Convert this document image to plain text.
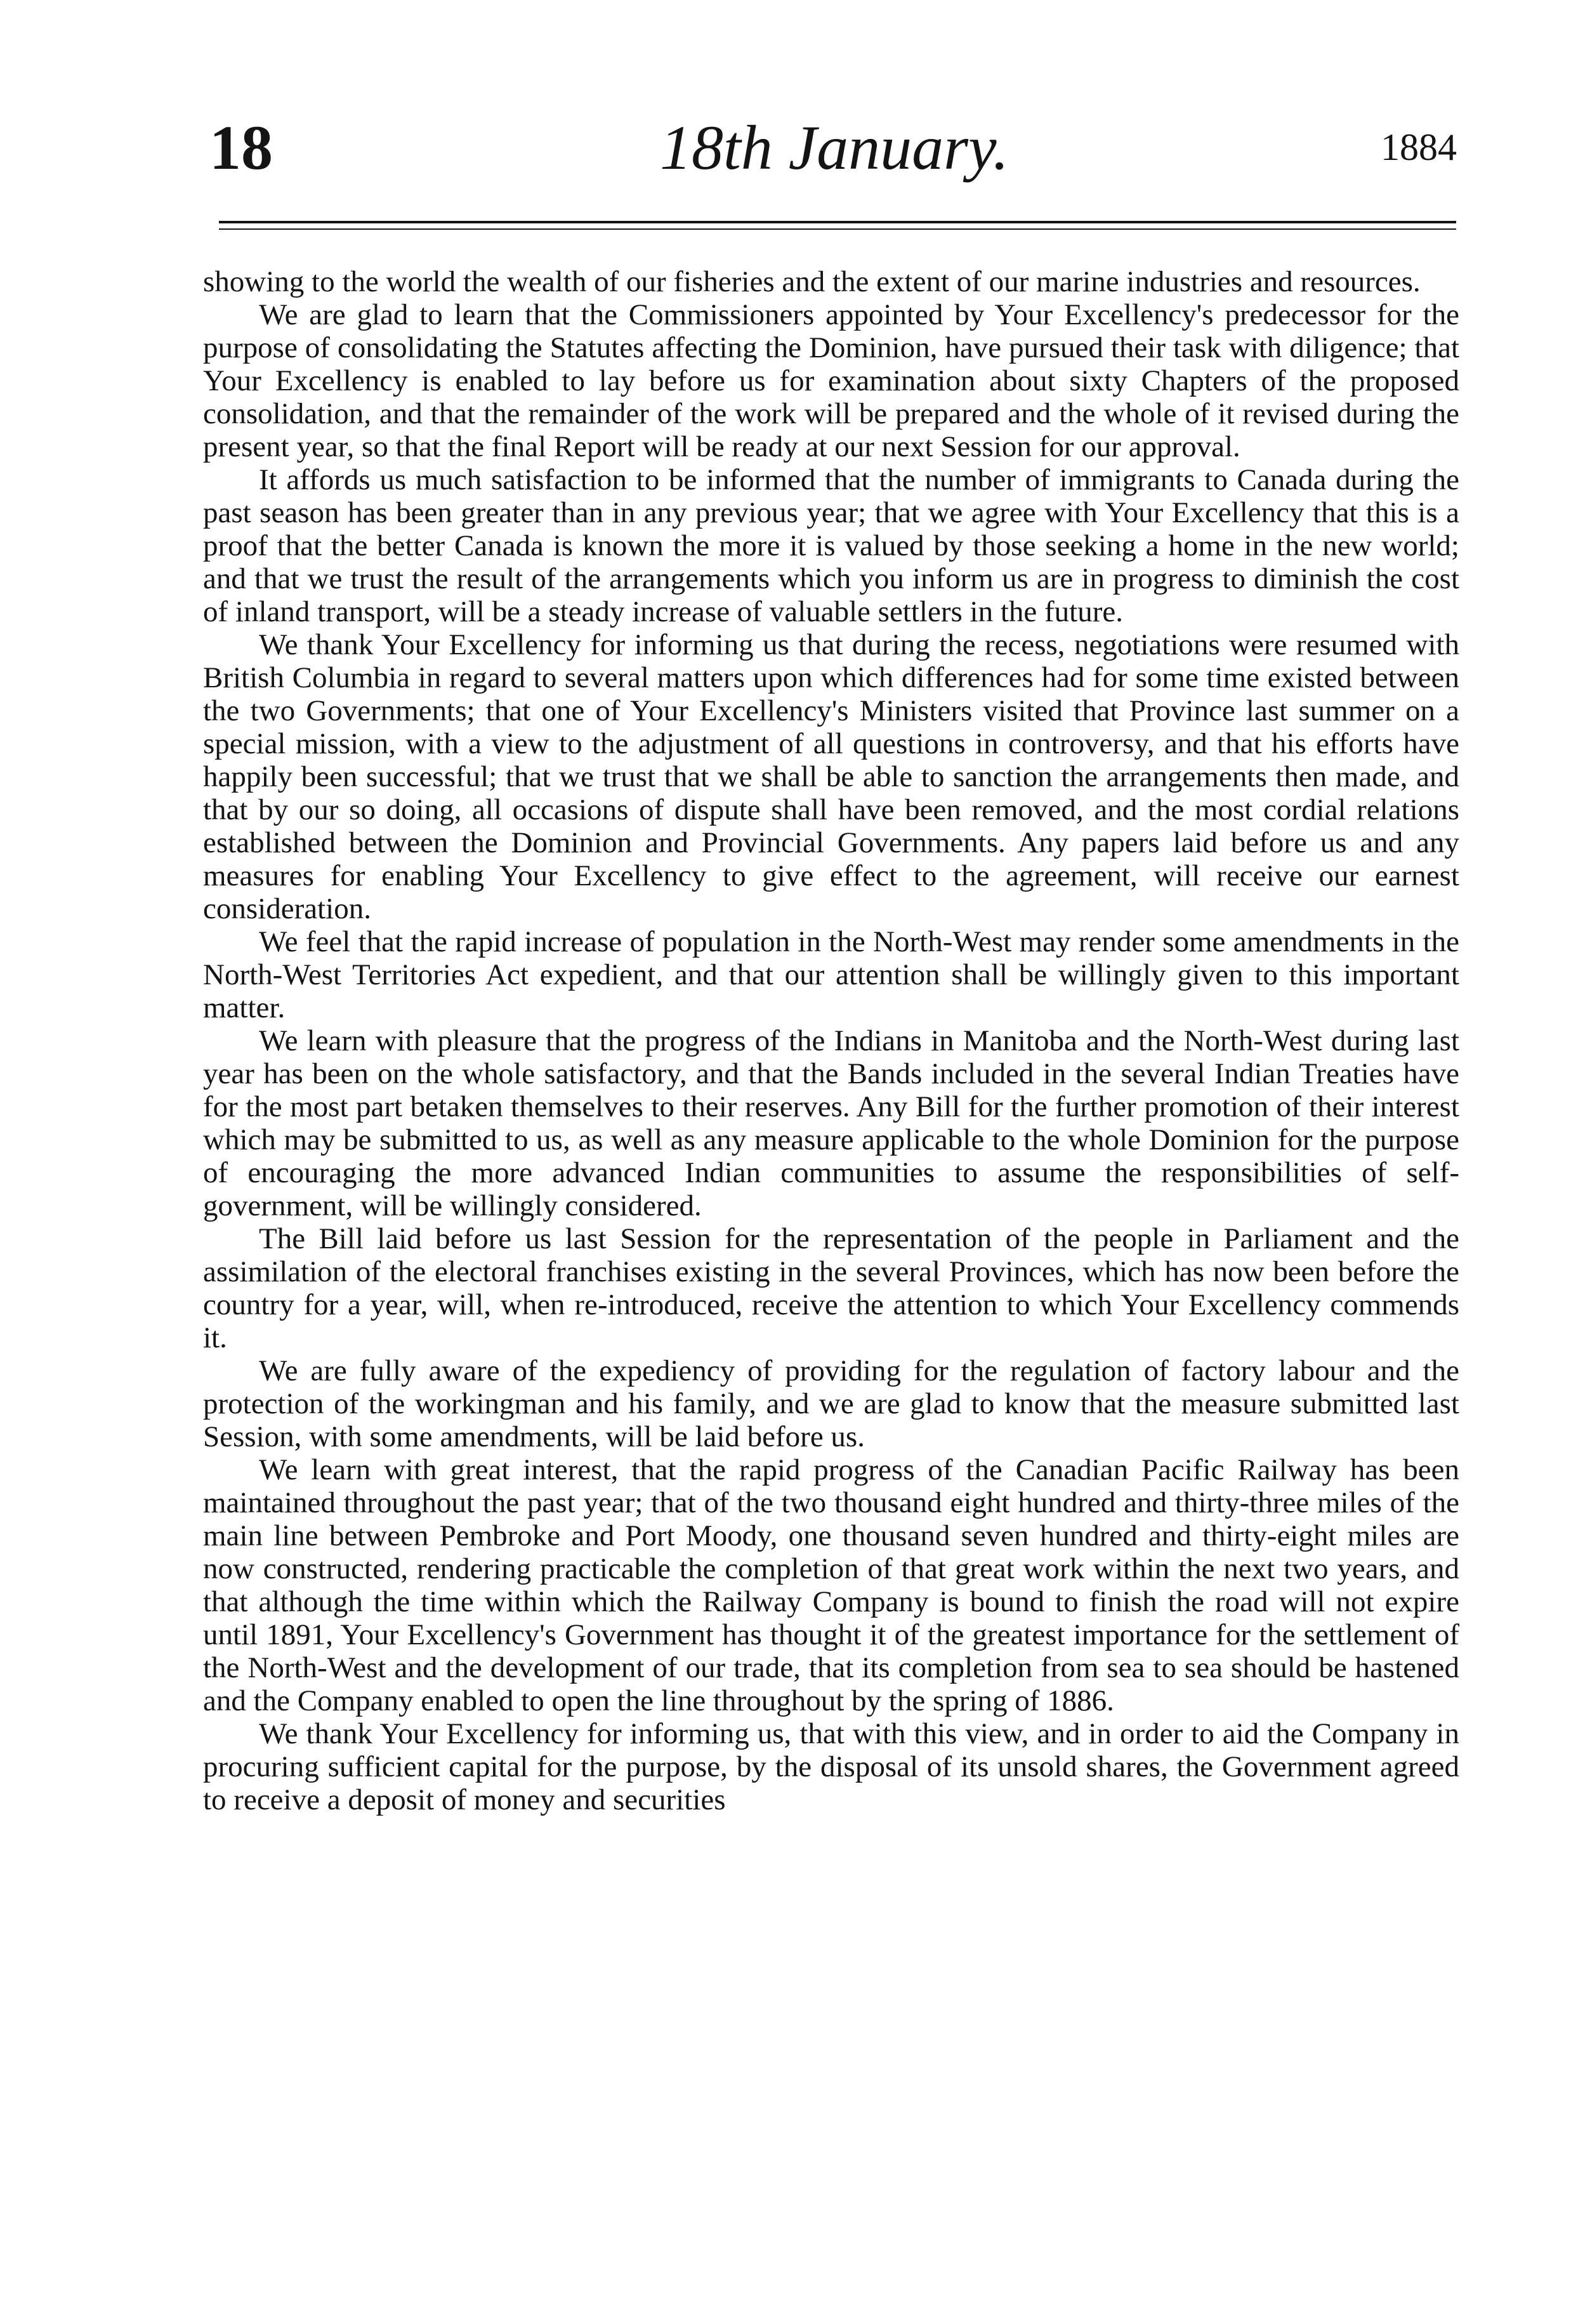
18	18th January.	1884

showing to the world the wealth of our fisheries and the extent of our marine industries and resources.

We are glad to learn that the Commissioners appointed by Your Excellency's predecessor for the purpose of consolidating the Statutes affecting the Dominion, have pursued their task with diligence; that Your Excellency is enabled to lay before us for examination about sixty Chapters of the proposed consolidation, and that the remainder of the work will be prepared and the whole of it revised during the present year, so that the final Report will be ready at our next Session for our approval.

It affords us much satisfaction to be informed that the number of immigrants to Canada during the past season has been greater than in any previous year; that we agree with Your Excellency that this is a proof that the better Canada is known the more it is valued by those seeking a home in the new world; and that we trust the result of the arrangements which you inform us are in progress to diminish the cost of inland transport, will be a steady increase of valuable settlers in the future.

We thank Your Excellency for informing us that during the recess, negotiations were resumed with British Columbia in regard to several matters upon which differences had for some time existed between the two Governments; that one of Your Excellency's Ministers visited that Province last summer on a special mission, with a view to the adjustment of all questions in controversy, and that his efforts have happily been successful; that we trust that we shall be able to sanction the arrangements then made, and that by our so doing, all occasions of dispute shall have been removed, and the most cordial relations established between the Dominion and Provincial Governments. Any papers laid before us and any measures for enabling Your Excellency to give effect to the agreement, will receive our earnest consideration.

We feel that the rapid increase of population in the North-West may render some amendments in the North-West Territories Act expedient, and that our attention shall be willingly given to this important matter.

We learn with pleasure that the progress of the Indians in Manitoba and the North-West during last year has been on the whole satisfactory, and that the Bands included in the several Indian Treaties have for the most part betaken themselves to their reserves. Any Bill for the further promotion of their interest which may be submitted to us, as well as any measure applicable to the whole Dominion for the purpose of encouraging the more advanced Indian communities to assume the responsibilities of self-government, will be willingly considered.

The Bill laid before us last Session for the representation of the people in Parliament and the assimilation of the electoral franchises existing in the several Provinces, which has now been before the country for a year, will, when re-introduced, receive the attention to which Your Excellency commends it.

We are fully aware of the expediency of providing for the regulation of factory labour and the protection of the workingman and his family, and we are glad to know that the measure submitted last Session, with some amendments, will be laid before us.

We learn with great interest, that the rapid progress of the Canadian Pacific Railway has been maintained throughout the past year; that of the two thousand eight hundred and thirty-three miles of the main line between Pembroke and Port Moody, one thousand seven hundred and thirty-eight miles are now constructed, rendering practicable the completion of that great work within the next two years, and that although the time within which the Railway Company is bound to finish the road will not expire until 1891, Your Excellency's Government has thought it of the greatest importance for the settlement of the North-West and the development of our trade, that its completion from sea to sea should be hastened and the Company enabled to open the line throughout by the spring of 1886.

We thank Your Excellency for informing us, that with this view, and in order to aid the Company in procuring sufficient capital for the purpose, by the disposal of its unsold shares, the Government agreed to receive a deposit of money and securities
